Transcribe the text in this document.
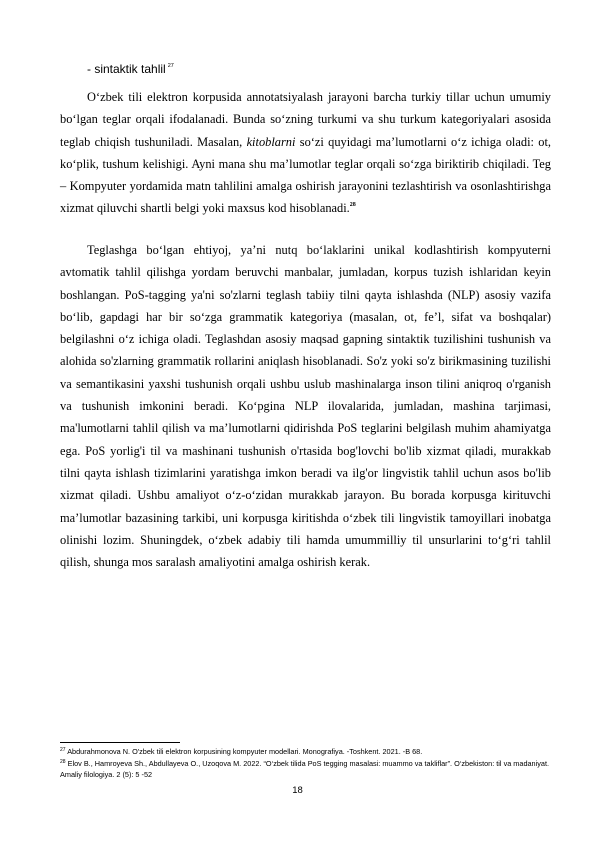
- sintaktik tahlil $^{27}$

O‘zbek tili elektron korpusida annotatsiyalash jarayoni barcha turkiy tillar uchun umumiy bo‘lgan teglar orqali ifodalanadi. Bunda so‘zning turkumi va shu turkum kategoriyalari asosida teglab chiqish tushuniladi. Masalan, kitoblarni so‘zi quyidagi ma’lumotlarni o‘z ichiga oladi: ot, ko‘plik, tushum kelishigi. Ayni mana shu ma’lumotlar teglar orqali so‘zga biriktirib chiqiladi. Teg – Kompyuter yordamida matn tahlilini amalga oshirish jarayonini tezlashtirish va osonlashtirishga xizmat qiluvchi shartli belgi yoki maxsus kod hisoblanadi.$^{28}$

Teglashga bo‘lgan ehtiyoj, ya’ni nutq bo‘laklarini unikal kodlashtirish kompyuterni avtomatik tahlil qilishga yordam beruvchi manbalar, jumladan, korpus tuzish ishlaridan keyin boshlangan. PoS-tagging ya'ni so'zlarni teglash tabiiy tilni qayta ishlashda (NLP) asosiy vazifa bo‘lib, gapdagi har bir so‘zga grammatik kategoriya (masalan, ot, fe’l, sifat va boshqalar) belgilashni o‘z ichiga oladi. Teglashdan asosiy maqsad gapning sintaktik tuzilishini tushunish va alohida so'zlarning grammatik rollarini aniqlash hisoblanadi. So'z yoki so'z birikmasining tuzilishi va semantikasini yaxshi tushunish orqali ushbu uslub mashinalarga inson tilini aniqroq o'rganish va tushunish imkonini beradi. Ko‘pgina NLP ilovalarida, jumladan, mashina tarjimasi, ma'lumotlarni tahlil qilish va ma’lumotlarni qidirishda PoS teglarini belgilash muhim ahamiyatga ega. PoS yorlig'i til va mashinani tushunish o'rtasida bog'lovchi bo'lib xizmat qiladi, murakkab tilni qayta ishlash tizimlarini yaratishga imkon beradi va ilg'or lingvistik tahlil uchun asos bo'lib xizmat qiladi. Ushbu amaliyot o‘z-o‘zidan murakkab jarayon. Bu borada korpusga kirituvchi ma’lumotlar bazasining tarkibi, uni korpusga kiritishda o‘zbek tili lingvistik tamoyillari inobatga olinishi lozim. Shuningdek, o‘zbek adabiy tili hamda umummilliy til unsurlarini to‘g‘ri tahlil qilish, shunga mos saralash amaliyotini amalga oshirish kerak.

$^{27}$ Abdurahmonova N. O'zbek tili elektron korpusining kompyuter modellari. Monografiya. -Toshkent. 2021. -B 68.

$^{28}$ Elov B., Hamroyeva Sh., Abdullayeva O., Uzoqova M. 2022. “O‘zbek tilida PoS tegging masalasi: muammo va takliflar”. O‘zbekiston: til va madaniyat. Amaliy filologiya. 2 (5): 5 -52

18
